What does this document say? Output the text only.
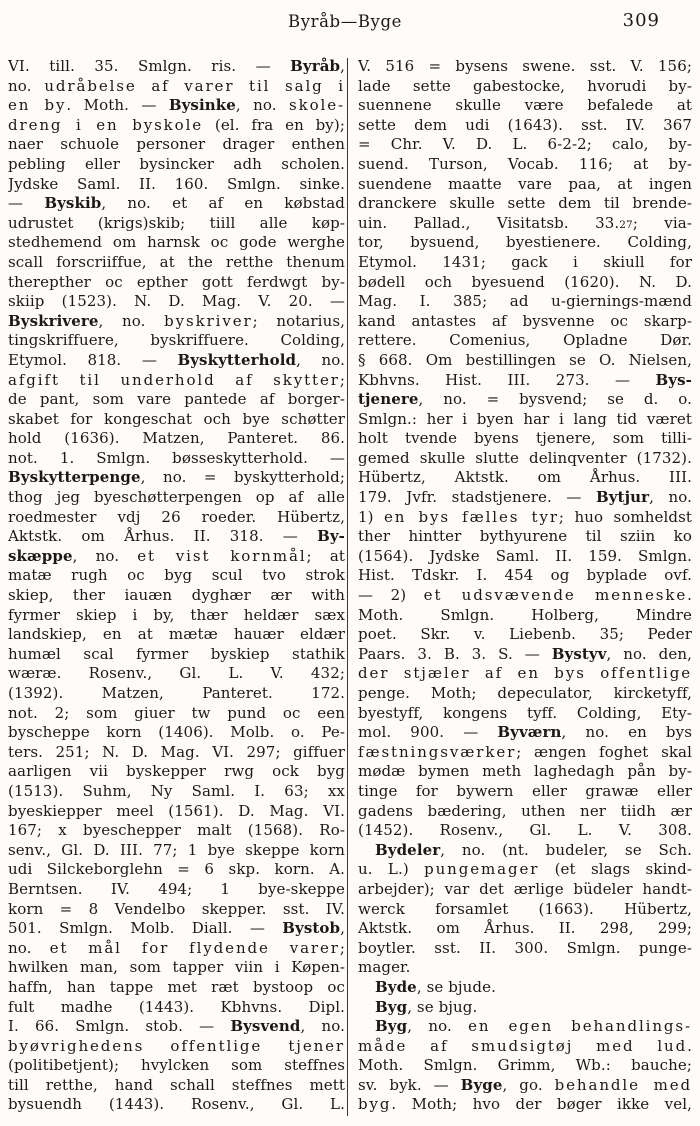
Byråb—Byge	309
VI. till. 35. Smlgn. ris. — Byråb,
no. udråbelse af varer til salg i
en by. Moth. — Bysinke, no. skole-
dreng i en byskole (el. fra en by);
naer schuole personer drager enthen
pebling eller bysincker adh scholen.
Jydske Saml. II. 160. Smlgn. sinke.
— Byskib, no. et af en købstad
udrustet (krigs)skib; tiill alle køp-
stedhemend om harnsk oc gode werghe
scall forscriiffue, at the retthe thenum
therepther oc epther gott ferdwgt by-
skiip (1523). N. D. Mag. V. 20. —
Byskrivere, no. byskriver; notarius,
tingskriffuere, byskriffuere. Colding,
Etymol. 818. — Byskytterhold, no.
afgift til underhold af skytter;
de pant, som vare pantede af borger-
skabet for kongeschat och bye schøtter
hold (1636). Matzen, Panteret. 86.
not. 1. Smlgn. bøsseskytterhold. —
Byskytterpenge, no. = byskytterhold;
thog jeg byeschøtterpengen op af alle
roedmester vdj 26 roeder. Hübertz,
Aktstk. om Århus. II. 318. — By-
skæppe, no. et vist kornmål; at
matæ rugh oc byg scul tvo strok
skiep, ther iauæn dyghær ær with
fyrmer skiep i by, thær heldær sæx
landskiep, en at mætæ hauær eldær
humæl scal fyrmer byskiep stathik
wæræ. Rosenv., Gl. L. V. 432;
(1392). Matzen, Panteret. 172.
not. 2; som giuer tw pund oc een
byscheppe korn (1406). Molb. o. Pe-
ters. 251; N. D. Mag. VI. 297; giffuer
aarligen vii byskepper rwg ock byg
(1513). Suhm, Ny Saml. I. 63; xx
byeskiepper meel (1561). D. Mag. VI.
167; x byeschepper malt (1568). Ro-
senv., Gl. D. III. 77; 1 bye skeppe korn
udi Silckeborglehn = 6 skp. korn. A.
Berntsen. IV. 494; 1 bye-skeppe
korn = 8 Vendelbo skepper. sst. IV.
501. Smlgn. Molb. Diall. — Bystob,
no. et mål for flydende varer;
hwilken man, som tapper viin i Køpen-
haffn, han tappe met ræt bystoop oc
fult madhe (1443). Kbhvns. Dipl.
I. 66. Smlgn. stob. — Bysvend, no.
byøvrighedens offentlige tjener
(politibetjent); hvylcken som steffnes
till retthe, hand schall steffnes mett
bysuendh (1443). Rosenv., Gl. L.
V. 516 = bysens swene. sst. V. 156;
lade sette gabestocke, hvorudi by-
suennene skulle være befalede at
sette dem udi (1643). sst. IV. 367
= Chr. V. D. L. 6-2-2; calo, by-
suend. Turson, Vocab. 116; at by-
suendene maatte vare paa, at ingen
dranckere skulle sette dem til brende-
uin. Pallad., Visitatsb. 33.27; via-
tor, bysuend, byestienere. Colding,
Etymol. 1431; gack i skiull for
bødell och byesuend (1620). N. D.
Mag. I. 385; ad u-giernings-mænd
kand antastes af bysvenne oc skarp-
rettere. Comenius, Opladne Dør.
§ 668. Om bestillingen se O. Nielsen,
Kbhvns. Hist. III. 273. — Bys-
tjenere, no. = bysvend; se d. o.
Smlgn.: her i byen har i lang tid været
holt tvende byens tjenere, som tilli-
gemed skulle slutte delinqventer (1732).
Hübertz, Aktstk. om Århus. III.
179. Jvfr. stadstjenere. — Bytjur, no.
1) en bys fælles tyr; huo somheldst
ther hintter bythyurene til sziin ko
(1564). Jydske Saml. II. 159. Smlgn.
Hist. Tdskr. I. 454 og byplade ovf.
— 2) et udsvævende menneske.
Moth. Smlgn. Holberg, Mindre
poet. Skr. v. Liebenb. 35; Peder
Paars. 3. B. 3. S. — Bystyv, no. den,
der stjæler af en bys offentlige
penge. Moth; depeculator, kircketyff,
byestyff, kongens tyff. Colding, Ety-
mol. 900. — Byværn, no. en bys
fæstningsværker; ængen foghet skal
mødæ bymen meth laghedagh pån by-
tinge for bywern eller grawæ eller
gadens bædering, uthen ner tiidh ær
(1452). Rosenv., Gl. L. V. 308.
Bydeler, no. (nt. budeler, se Sch.
u. L.) pungemager (et slags skind-
arbejder); var det ærlige büdeler handt-
werck forsamlet (1663). Hübertz,
Aktstk. om Århus. II. 298, 299;
boytler. sst. II. 300. Smlgn. punge-
mager.
Byde, se bjude.
Byg, se bjug.
Byg, no. en egen behandlings-
måde af smudsigtøj med lud.
Moth. Smlgn. Grimm, Wb.: bauche;
sv. byk. — Byge, go. behandle med
byg. Moth; hvo der bøger ikke vel,
